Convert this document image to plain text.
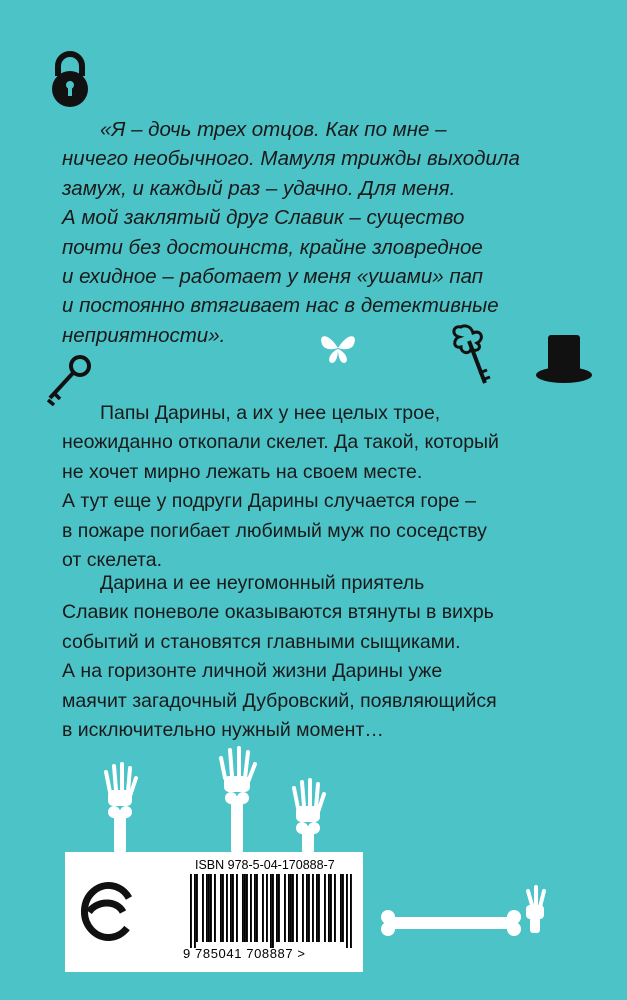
«Я – дочь трех отцов. Как по мне –
ничего необычного. Мамуля трижды выходила
замуж, и каждый раз – удачно. Для меня.
А мой заклятый друг Славик – существо
почти без достоинств, крайне зловредное
и ехидное – работает у меня «ушами» пап
и постоянно втягивает нас в детективные
неприятности».
Папы Дарины, а их у нее целых трое,
неожиданно откопали скелет. Да такой, который
не хочет мирно лежать на своем месте.
А тут еще у подруги Дарины случается горе –
в пожаре погибает любимый муж по соседству
от скелета.
Дарина и ее неугомонный приятель
Славик поневоле оказываются втянуты в вихрь
событий и становятся главными сыщиками.
А на горизонте личной жизни Дарины уже
маячит загадочный Дубровский, появляющийся
в исключительно нужный момент…
ISBN 978-5-04-170888-7
9 785041 708887 >
